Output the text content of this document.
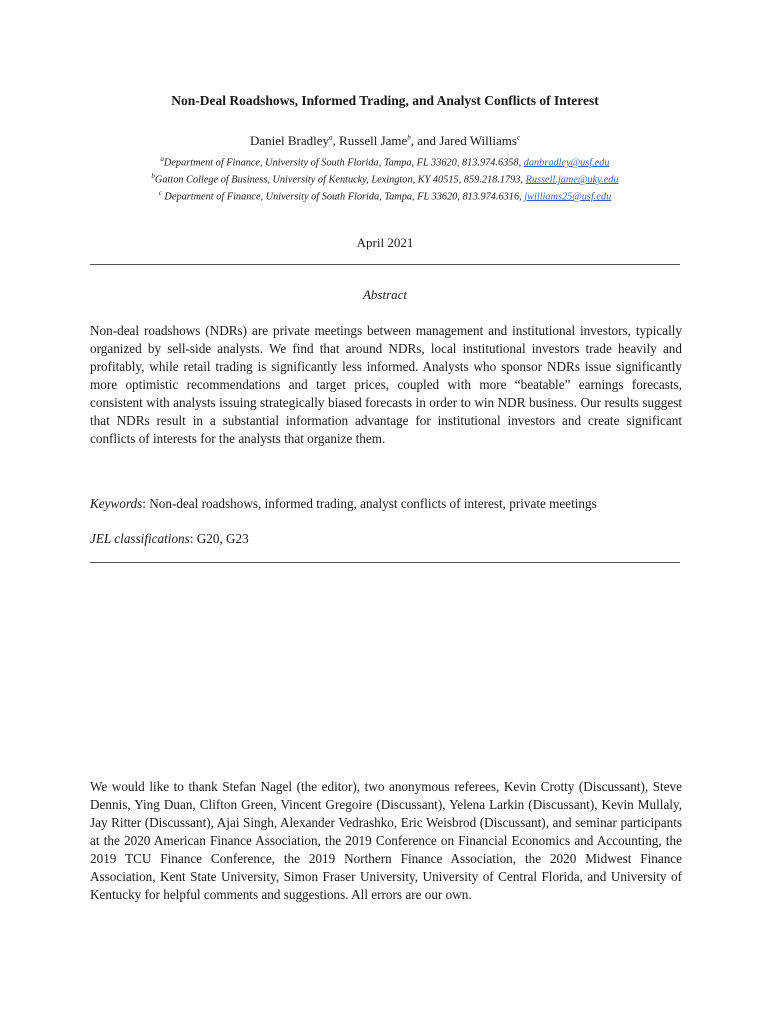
Non-Deal Roadshows, Informed Trading, and Analyst Conflicts of Interest
Daniel Bradley$^a$, Russell Jame$^b$, and Jared Williams$^c$
$^a$Department of Finance, University of South Florida, Tampa, FL 33620, 813.974.6358, danbradley@usf.edu
$^b$Gatton College of Business, University of Kentucky, Lexington, KY 40515, 859.218.1793, Russell.jame@uky.edu
$^c$ Department of Finance, University of South Florida, Tampa, FL 33620, 813.974.6316, jwilliams25@usf.edu
April 2021
Abstract
Non-deal roadshows (NDRs) are private meetings between management and institutional investors, typically organized by sell-side analysts. We find that around NDRs, local institutional investors trade heavily and profitably, while retail trading is significantly less informed. Analysts who sponsor NDRs issue significantly more optimistic recommendations and target prices, coupled with more “beatable” earnings forecasts, consistent with analysts issuing strategically biased forecasts in order to win NDR business. Our results suggest that NDRs result in a substantial information advantage for institutional investors and create significant conflicts of interests for the analysts that organize them.
Keywords: Non-deal roadshows, informed trading, analyst conflicts of interest, private meetings
JEL classifications: G20, G23
We would like to thank Stefan Nagel (the editor), two anonymous referees, Kevin Crotty (Discussant), Steve Dennis, Ying Duan, Clifton Green, Vincent Gregoire (Discussant), Yelena Larkin (Discussant), Kevin Mullaly, Jay Ritter (Discussant), Ajai Singh, Alexander Vedrashko, Eric Weisbrod (Discussant), and seminar participants at the 2020 American Finance Association, the 2019 Conference on Financial Economics and Accounting, the 2019 TCU Finance Conference, the 2019 Northern Finance Association, the 2020 Midwest Finance Association, Kent State University, Simon Fraser University, University of Central Florida, and University of Kentucky for helpful comments and suggestions. All errors are our own.
